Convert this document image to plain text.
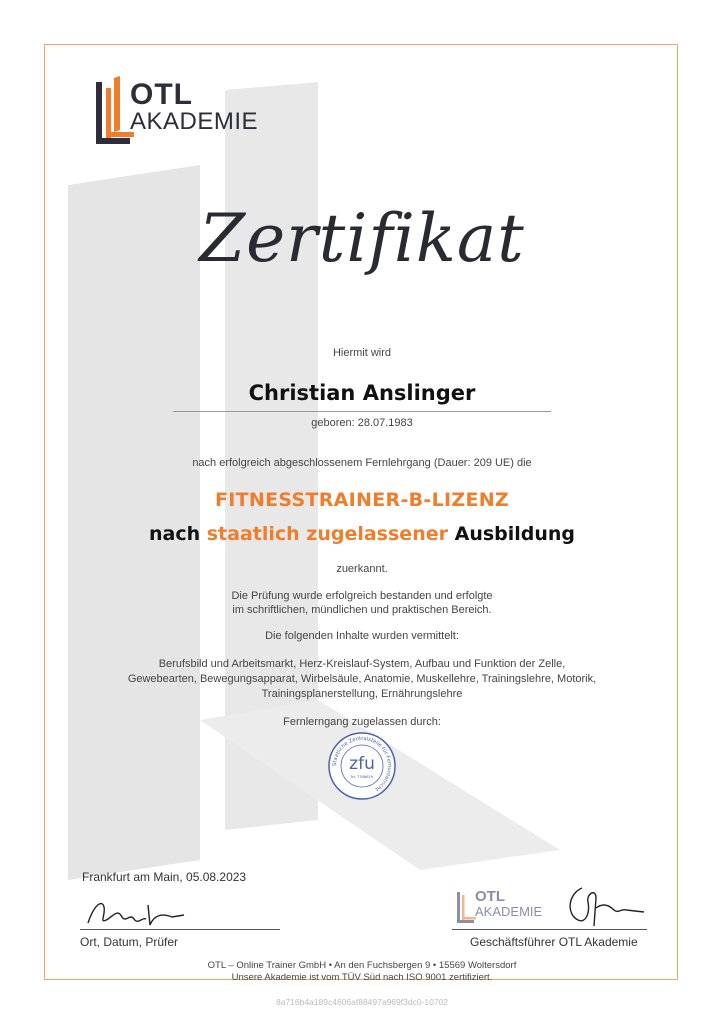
OTL
AKADEMIE
Zertifikat
Hiermit wird
Christian Anslinger
geboren: 28.07.1983
nach erfolgreich abgeschlossenem Fernlehrgang (Dauer: 209 UE) die
FITNESSTRAINER-B-LIZENZ
nach staatlich zugelassener Ausbildung
zuerkannt.
Die Prüfung wurde erfolgreich bestanden und erfolgte
im schriftlichen, mündlichen und praktischen Bereich.
Die folgenden Inhalte wurden vermittelt:
Berufsbild und Arbeitsmarkt, Herz-Kreislauf-System, Aufbau und Funktion der Zelle,
Gewebearten, Bewegungsapparat, Wirbelsäule, Anatomie, Muskellehre, Trainingslehre, Motorik,
Trainingsplanerstellung, Ernährungslehre
Fernlerngang zugelassen durch:
Staatliche Zentralstelle für Fernunterricht
zfu
Nr. 7306619
Frankfurt am Main, 05.08.2023
Ort, Datum, Prüfer
OTL
AKADEMIE
Geschäftsführer OTL Akademie
OTL – Online Trainer GmbH • An den Fuchsbergen 9 • 15569 Woltersdorf
Unsere Akademie ist vom TÜV Süd nach ISO 9001 zertifiziert.
8a716b4a189c4606af88497a969f3dc0-10702
